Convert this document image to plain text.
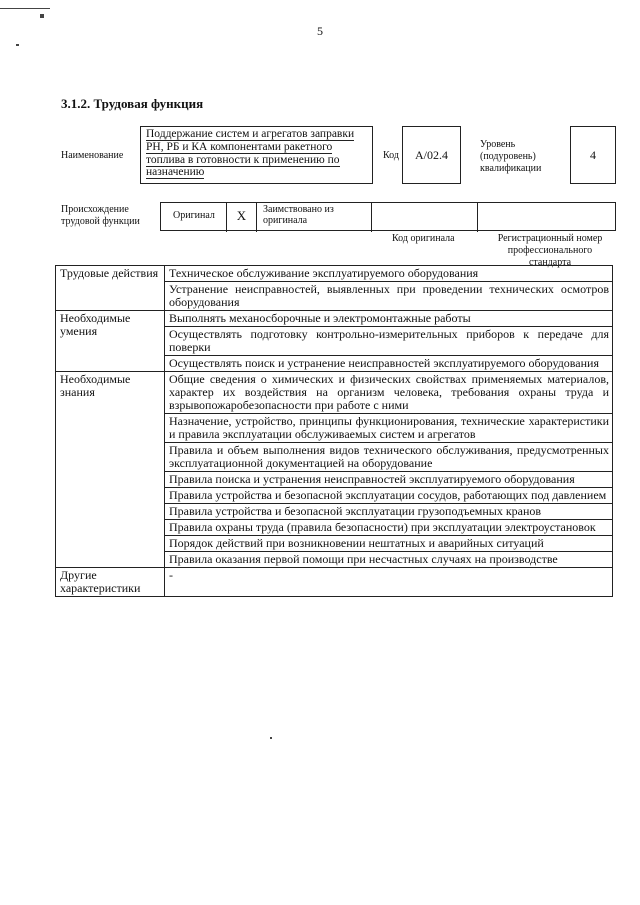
5
3.1.2. Трудовая функция
Наименование
Поддержание систем и агрегатов заправки РН, РБ и КА компонентами ракетного топлива в готовности к применению по назначению
Код	А/02.4
Уровень (подуровень) квалификации
4
Происхождение трудовой функции
Оригинал	X	Заимствовано из оригинала
Код оригинала	Регистрационный номер профессионального стандарта
Трудовые действия	Техническое обслуживание эксплуатируемого оборудования
	Устранение неисправностей, выявленных при проведении технических осмотров оборудования
Необходимые умения	Выполнять механосборочные и электромонтажные работы
	Осуществлять подготовку контрольно-измерительных приборов к передаче для поверки
	Осуществлять поиск и устранение неисправностей эксплуатируемого оборудования
Необходимые знания	Общие сведения о химических и физических свойствах применяемых материалов, характер их воздействия на организм человека, требования охраны труда и взрывопожаробезопасности при работе с ними
	Назначение, устройство, принципы функционирования, технические характеристики и правила эксплуатации обслуживаемых систем и агрегатов
	Правила и объем выполнения видов технического обслуживания, предусмотренных эксплуатационной документацией на оборудование
	Правила поиска и устранения неисправностей эксплуатируемого оборудования
	Правила устройства и безопасной эксплуатации сосудов, работающих под давлением
	Правила устройства и безопасной эксплуатации грузоподъемных кранов
	Правила охраны труда (правила безопасности) при эксплуатации электроустановок
	Порядок действий при возникновении нештатных и аварийных ситуаций
	Правила оказания первой помощи при несчастных случаях на производстве
Другие характеристики	-
